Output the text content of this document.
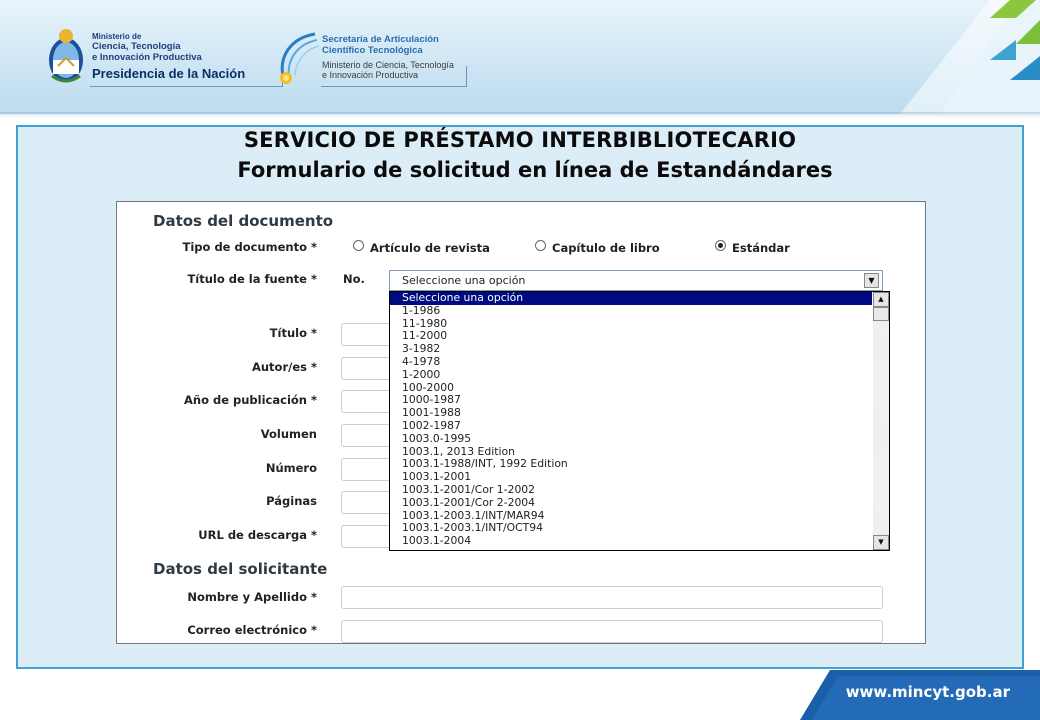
Ministerio de
Ciencia, Tecnología
e Innovación Productiva
Presidencia de la Nación
Secretaría de Articulación
Científico Tecnológica
Ministerio de Ciencia, Tecnología
e Innovación Productiva
SERVICIO DE PRÉSTAMO INTERBIBLIOTECARIO
Formulario de solicitud en línea de Estandándares
Datos del documento
Tipo de documento *	Artículo de revista	Capítulo de libro	Estándar
Título de la fuente * No.	Seleccione una opción	▼
Título *
Autor/es *
Año de publicación *
Volumen
Número
Páginas
URL de descarga *
Datos del solicitante
Nombre y Apellido *
Correo electrónico *
Seleccione una opción
1-1986
11-1980
11-2000
3-1982
4-1978
1-2000
100-2000
1000-1987
1001-1988
1002-1987
1003.0-1995
1003.1, 2013 Edition
1003.1-1988/INT, 1992 Edition
1003.1-2001
1003.1-2001/Cor 1-2002
1003.1-2001/Cor 2-2004
1003.1-2003.1/INT/MAR94
1003.1-2003.1/INT/OCT94
1003.1-2004
▲
▼
www.mincyt.gob.ar
